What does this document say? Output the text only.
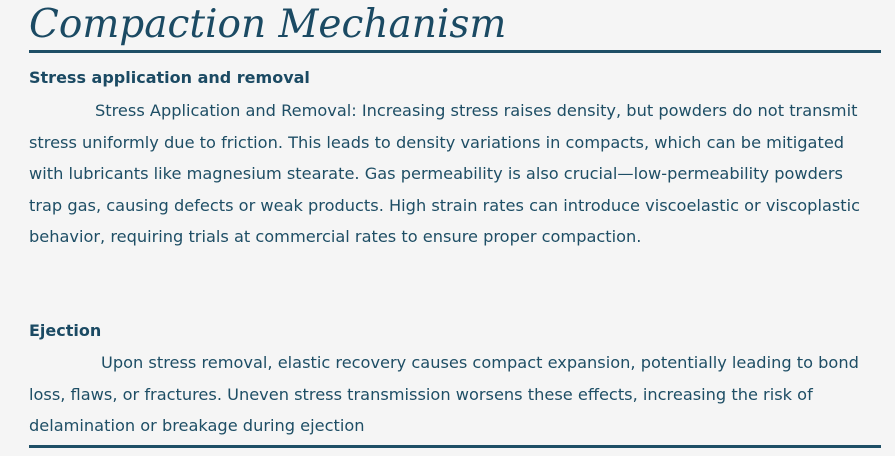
Compaction Mechanism
Stress application and removal

Stress Application and Removal: Increasing stress raises density, but powders do not transmit stress uniformly due to friction. This leads to density variations in compacts, which can be mitigated with lubricants like magnesium stearate. Gas permeability is also crucial—low-permeability powders trap gas, causing defects or weak products. High strain rates can introduce viscoelastic or viscoplastic behavior, requiring trials at commercial rates to ensure proper compaction.

Ejection

Upon stress removal, elastic recovery causes compact expansion, potentially leading to bond loss, flaws, or fractures. Uneven stress transmission worsens these effects, increasing the risk of delamination or breakage during ejection
